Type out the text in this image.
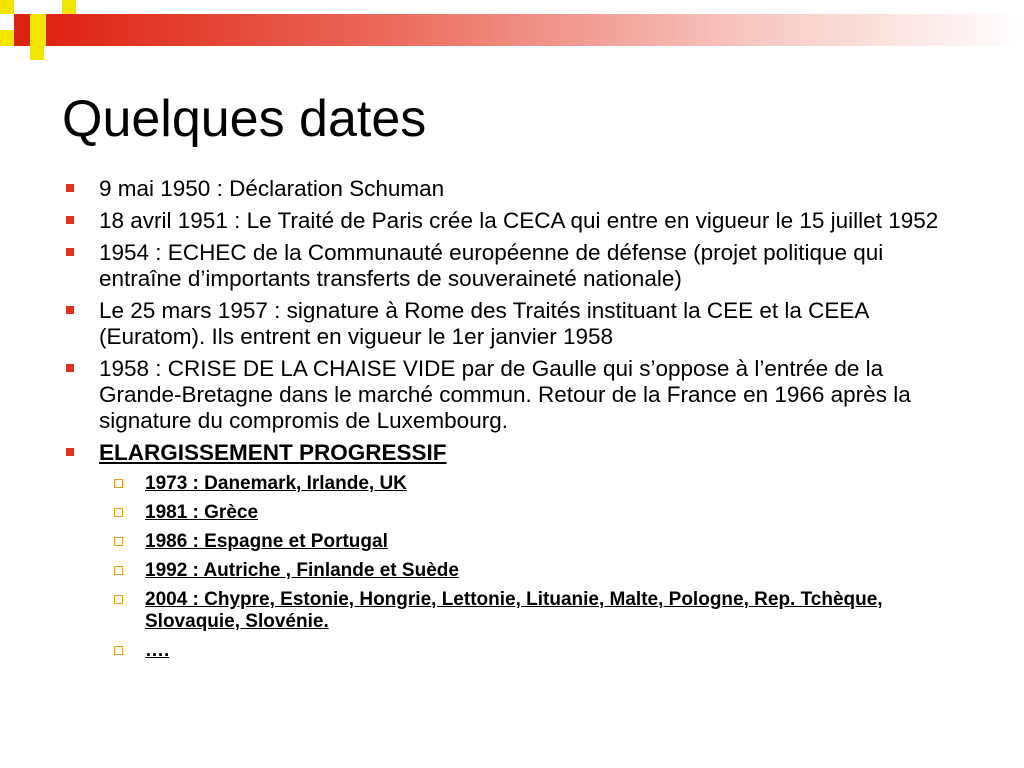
Quelques dates
9 mai 1950 : Déclaration Schuman
18 avril 1951 : Le Traité de Paris crée la CECA qui entre en vigueur le 15 juillet 1952
1954 : ECHEC de la Communauté européenne de défense (projet politique qui entraîne d’importants transferts de souveraineté nationale)
Le 25 mars 1957 : signature à Rome des Traités instituant la CEE et la CEEA (Euratom). Ils entrent en vigueur le 1er janvier 1958
1958 : CRISE DE LA CHAISE VIDE par de Gaulle qui s’oppose à l’entrée de la Grande-Bretagne dans le marché commun. Retour de la France en 1966 après la signature du compromis de Luxembourg.
ELARGISSEMENT PROGRESSIF
1973 : Danemark, Irlande, UK
1981 : Grèce
1986 : Espagne et Portugal
1992 : Autriche , Finlande et Suède
2004 : Chypre, Estonie, Hongrie, Lettonie, Lituanie, Malte, Pologne, Rep. Tchèque, Slovaquie, Slovénie.
….
